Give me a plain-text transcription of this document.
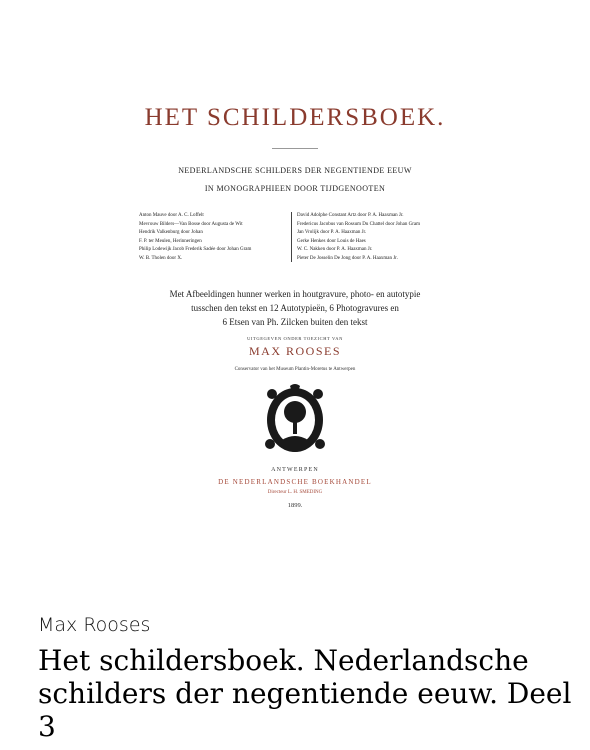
HET SCHILDERSBOEK.
NEDERLANDSCHE SCHILDERS DER NEGENTIENDE EEUW
IN MONOGRAPHIEEN DOOR TIJDGENOOTEN
Anton Mauve door A. C. Loffelt
Mevrouw Bilders—Van Bosse door Augusta de Wit
Hendrik Valkenburg door Johan
F. P. ter Meulen, Herinneringen
Philip Lodewijk Jacob Frederik Sadée door Johan Gram
W. B. Tholen door X.
David Adolphe Constant Artz door P. A. Haaxman Jr.
Fredericus Jacobus van Rossum Du Chattel door Johan Gram
Jan Vrolijk door P. A. Haaxman Jr.
Gerke Henkes door Louis de Haes
W. C. Nakken door P. A. Haaxman Jr.
Pieter De Josselin De Jong door P. A. Haaxman Jr.
Met Afbeeldingen hunner werken in houtgravure, photo- en autotypie
tusschen den tekst en 12 Autotypieën, 6 Photogravures en
6 Etsen van Ph. Zilcken buiten den tekst
UITGEGEVEN ONDER TOEZICHT VAN
MAX ROOSES
Conservator van het Museum Plantin-Moretus te Antwerpen
ANTWERPEN
DE NEDERLANDSCHE BOEKHANDEL
Directeur L. H. SMEDING
1899.
Max Rooses
Het schildersboek. Nederlandsche schilders der negentiende eeuw. Deel 3
